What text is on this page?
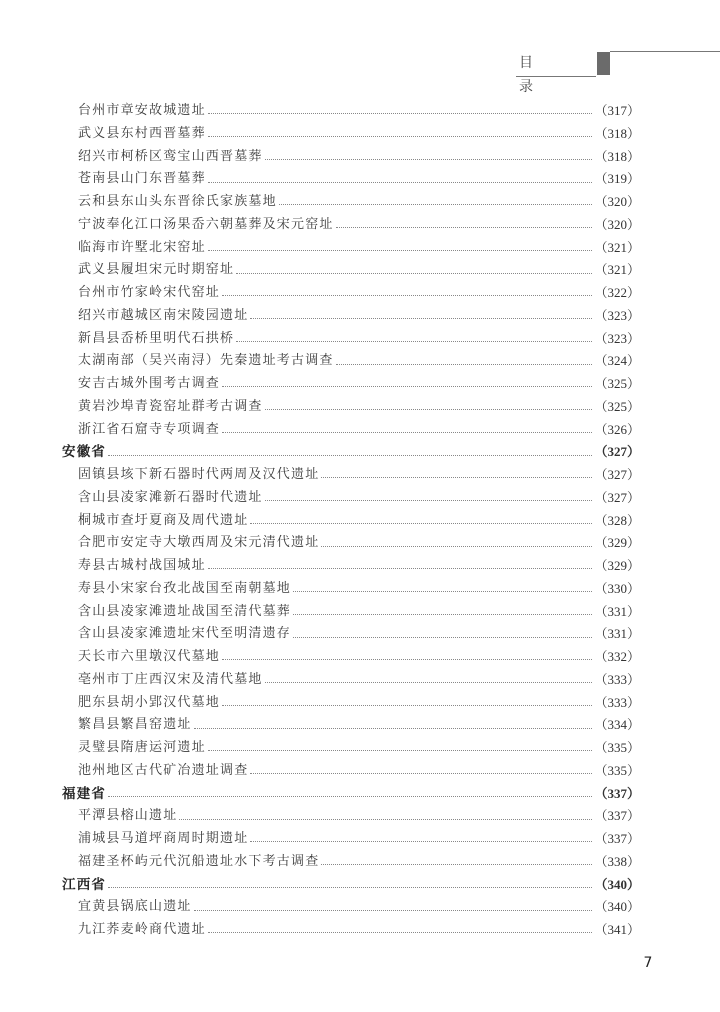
目 录
台州市章安故城遗址	（317）
武义县东村西晋墓葬	（318）
绍兴市柯桥区鸾宝山西晋墓葬	（318）
苍南县山门东晋墓葬	（319）
云和县东山头东晋徐氏家族墓地	（320）
宁波奉化江口汤果岙六朝墓葬及宋元窑址	（320）
临海市许墅北宋窑址	（321）
武义县履坦宋元时期窑址	（321）
台州市竹家岭宋代窑址	（322）
绍兴市越城区南宋陵园遗址	（323）
新昌县岙桥里明代石拱桥	（323）
太湖南部（吴兴南浔）先秦遗址考古调查	（324）
安吉古城外围考古调查	（325）
黄岩沙埠青瓷窑址群考古调查	（325）
浙江省石窟寺专项调查	（326）
安徽省	（327）
固镇县垓下新石器时代两周及汉代遗址	（327）
含山县凌家滩新石器时代遗址	（327）
桐城市查圩夏商及周代遗址	（328）
合肥市安定寺大墩西周及宋元清代遗址	（329）
寿县古城村战国城址	（329）
寿县小宋家台孜北战国至南朝墓地	（330）
含山县凌家滩遗址战国至清代墓葬	（331）
含山县凌家滩遗址宋代至明清遗存	（331）
天长市六里墩汉代墓地	（332）
亳州市丁庄西汉宋及清代墓地	（333）
肥东县胡小郢汉代墓地	（333）
繁昌县繁昌窑遗址	（334）
灵璧县隋唐运河遗址	（335）
池州地区古代矿冶遗址调查	（335）
福建省	（337）
平潭县榕山遗址	（337）
浦城县马道坪商周时期遗址	（337）
福建圣杯屿元代沉船遗址水下考古调查	（338）
江西省	（340）
宜黄县锅底山遗址	（340）
九江荞麦岭商代遗址	（341）
7
